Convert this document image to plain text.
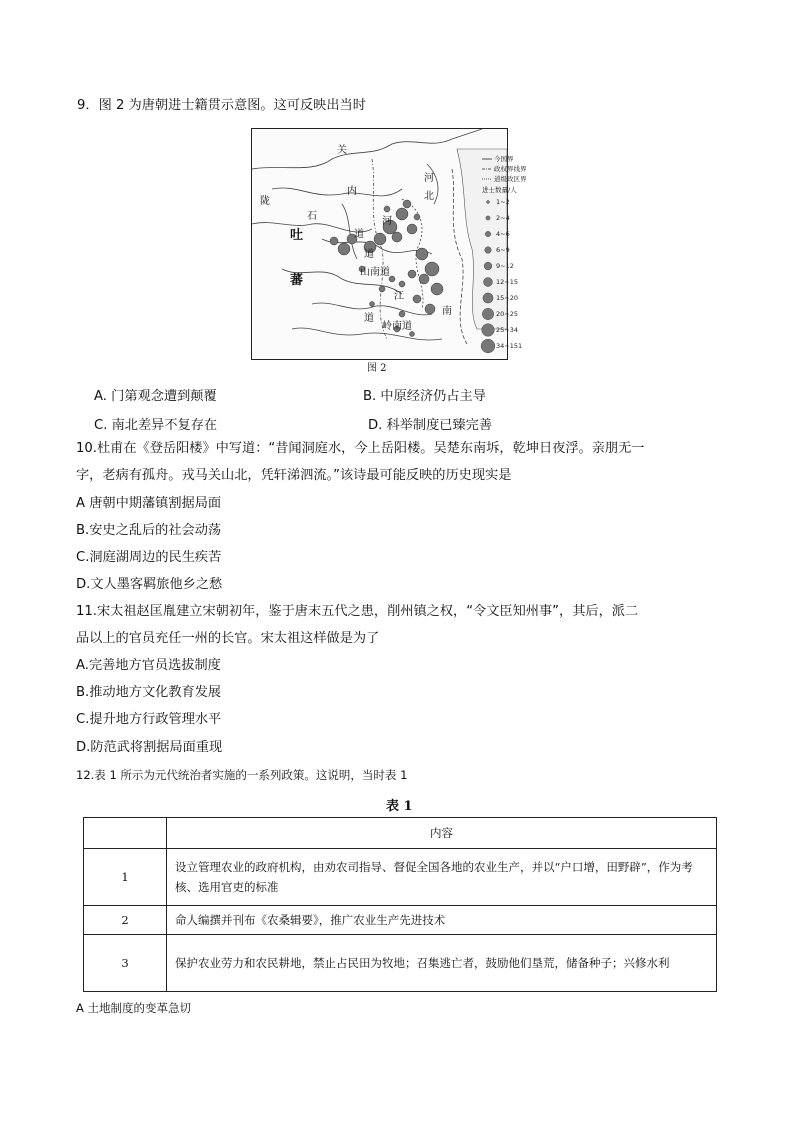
9．图 2 为唐朝进士籍贯示意图。这可反映出当时
关
陇
内
河
北
石
吐
蕃
河
道
道
山南道
江
道
岭南道
南
今国界
政权界线界
道级政区界
进士数量/人
1~2
2~4
4~6
6~9
9~12
12~15
15~20
20~25
25~34
34~151
图 2
A. 门第观念遭到颠覆	B. 中原经济仍占主导
C. 南北差异不复存在	D. 科举制度已臻完善
10.杜甫在《登岳阳楼》中写道：“昔闻洞庭水，今上岳阳楼。吴楚东南坼，乾坤日夜浮。亲朋无一
字，老病有孤舟。戎马关山北，凭轩涕泗流。”该诗最可能反映的历史现实是
A 唐朝中期藩镇割据局面
B.安史之乱后的社会动荡
C.洞庭湖周边的民生疾苦
D.文人墨客羁旅他乡之愁
11.宋太祖赵匡胤建立宋朝初年，鉴于唐末五代之患，削州镇之权，“令文臣知州事”，其后，派二
品以上的官员充任一州的长官。宋太祖这样做是为了
A.完善地方官员选拔制度
B.推动地方文化教育发展
C.提升地方行政管理水平
D.防范武将割据局面重现
12.表 1 所示为元代统治者实施的一系列政策。这说明，当时表 1
表 1
	内容
1	设立管理农业的政府机构，由劝农司指导、督促全国各地的农业生产，并以“户口增，田野辟”，作为考核、选用官吏的标准
2	命人编撰并刊布《农桑辑要》，推广农业生产先进技术
3	保护农业劳力和农民耕地，禁止占民田为牧地；召集逃亡者，鼓励他们垦荒，储备种子；兴修水利
A 土地制度的变革急切
